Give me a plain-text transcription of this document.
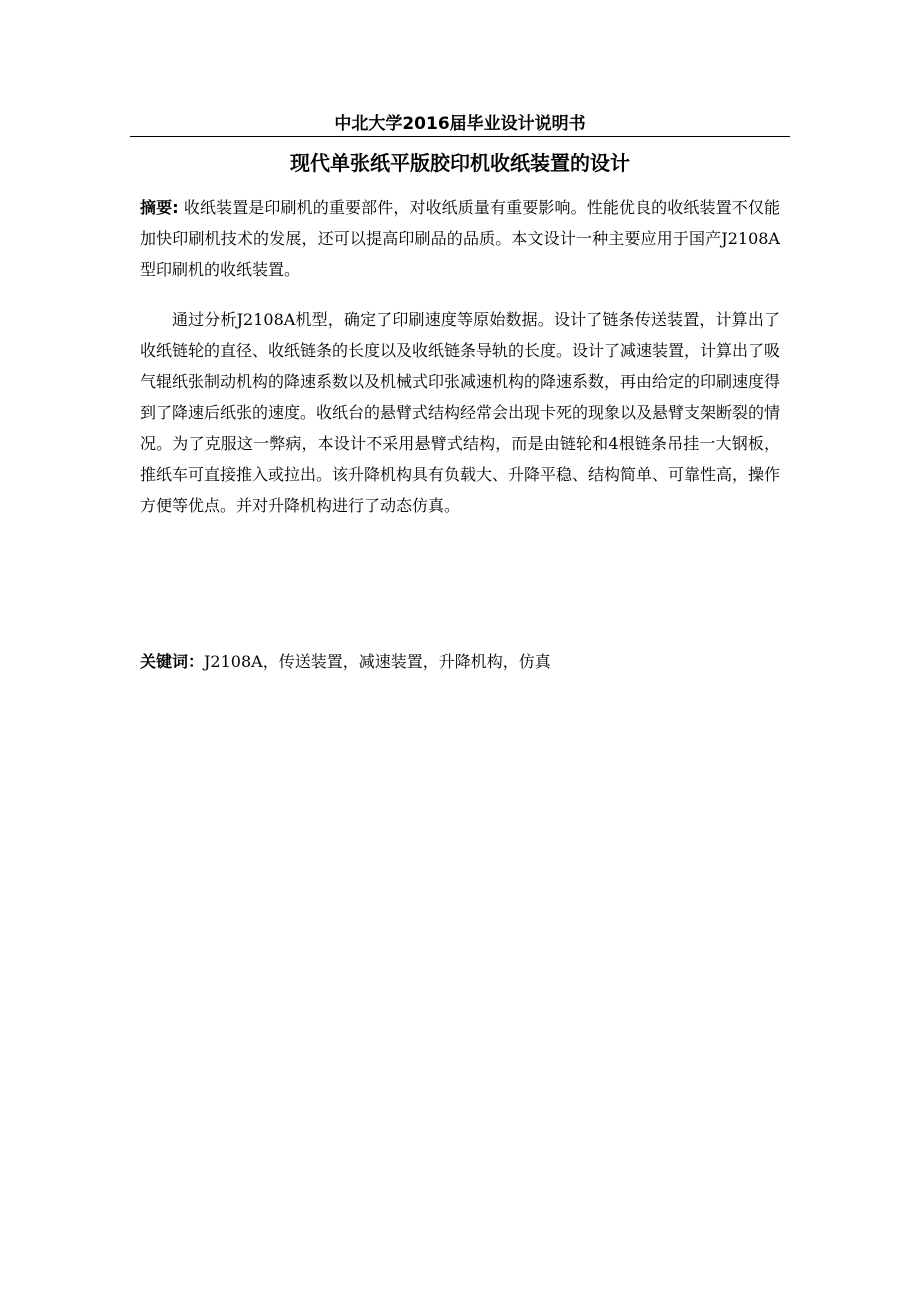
中北大学2016届毕业设计说明书
现代单张纸平版胶印机收纸装置的设计
摘要: 收纸装置是印刷机的重要部件，对收纸质量有重要影响。性能优良的收纸装置不仅能加快印刷机技术的发展，还可以提高印刷品的品质。本文设计一种主要应用于国产J2108A型印刷机的收纸装置。
通过分析J2108A机型，确定了印刷速度等原始数据。设计了链条传送装置，计算出了收纸链轮的直径、收纸链条的长度以及收纸链条导轨的长度。设计了减速装置，计算出了吸气辊纸张制动机构的降速系数以及机械式印张减速机构的降速系数，再由给定的印刷速度得到了降速后纸张的速度。收纸台的悬臂式结构经常会出现卡死的现象以及悬臂支架断裂的情况。为了克服这一弊病，本设计不采用悬臂式结构，而是由链轮和4根链条吊挂一大钢板，推纸车可直接推入或拉出。该升降机构具有负载大、升降平稳、结构简单、可靠性高，操作方便等优点。并对升降机构进行了动态仿真。
关键词：J2108A，传送装置，减速装置，升降机构，仿真
